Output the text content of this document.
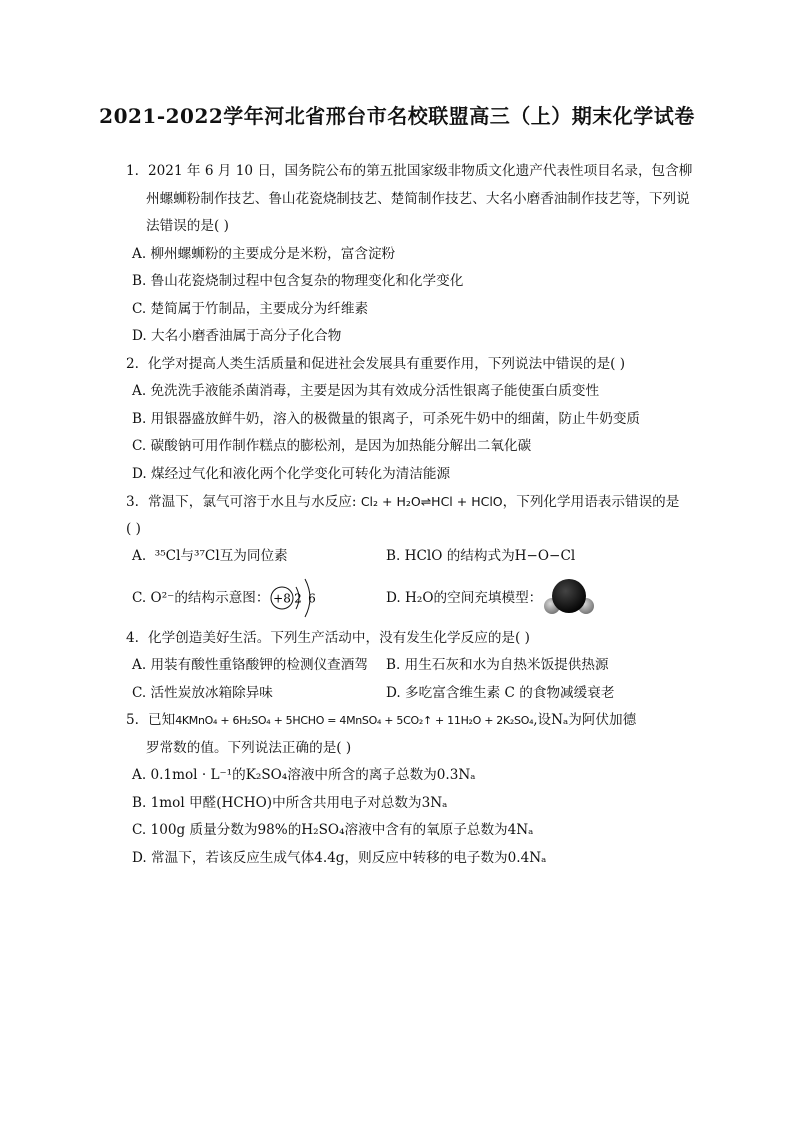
2021-2022学年河北省邢台市名校联盟高三（上）期末化学试卷
1. 2021 年 6 月 10 日，国务院公布的第五批国家级非物质文化遗产代表性项目名录，包含柳
州螺蛳粉制作技艺、鲁山花瓷烧制技艺、楚简制作技艺、大名小磨香油制作技艺等，下列说
法错误的是( )
A. 柳州螺蛳粉的主要成分是米粉，富含淀粉
B. 鲁山花瓷烧制过程中包含复杂的物理变化和化学变化
C. 楚简属于竹制品，主要成分为纤维素
D. 大名小磨香油属于高分子化合物
2. 化学对提高人类生活质量和促进社会发展具有重要作用，下列说法中错误的是( )
A. 免洗洗手液能杀菌消毒，主要是因为其有效成分活性银离子能使蛋白质变性
B. 用银器盛放鲜牛奶，溶入的极微量的银离子，可杀死牛奶中的细菌，防止牛奶变质
C. 碳酸钠可用作制作糕点的膨松剂，是因为加热能分解出二氧化碳
D. 煤经过气化和液化两个化学变化可转化为清洁能源
3. 常温下，氯气可溶于水且与水反应: Cl₂ + H₂O⇌HCl + HClO，下列化学用语表示错误的是
( )
A.  ³⁵Cl与³⁷Cl互为同位素	B. HClO 的结构式为H−O−Cl
C. O²⁻的结构示意图： +8 2 6	D. H₂O的空间充填模型：
4. 化学创造美好生活。下列生产活动中，没有发生化学反应的是( )
A. 用装有酸性重铬酸钾的检测仪查酒驾	B. 用生石灰和水为自热米饭提供热源
C. 活性炭放冰箱除异味	D. 多吃富含维生素 C 的食物减缓衰老
5. 已知4KMnO₄ + 6H₂SO₄ + 5HCHO = 4MnSO₄ + 5CO₂↑ + 11H₂O + 2K₂SO₄,设Nₐ为阿伏加德
罗常数的值。下列说法正确的是( )
A. 0.1mol · L⁻¹的K₂SO₄溶液中所含的离子总数为0.3Nₐ
B. 1mol 甲醛(HCHO)中所含共用电子对总数为3Nₐ
C. 100g 质量分数为98%的H₂SO₄溶液中含有的氧原子总数为4Nₐ
D. 常温下，若该反应生成气体4.4g，则反应中转移的电子数为0.4Nₐ
